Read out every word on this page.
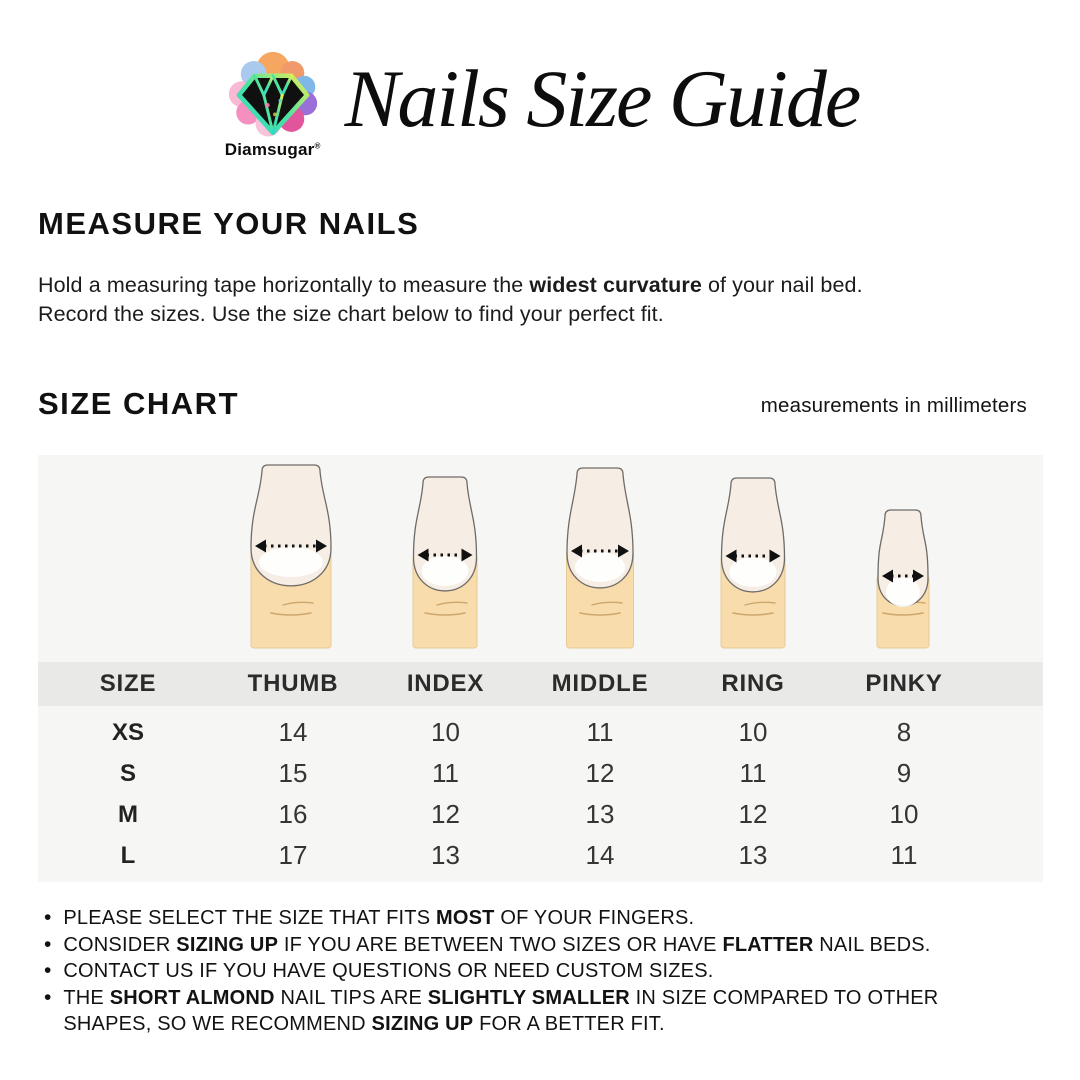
Diamsugar®
Nails Size Guide
MEASURE YOUR NAILS
Hold a measuring tape horizontally to measure the widest curvature of your nail bed.
Record the sizes. Use the size chart below to find your perfect fit.
SIZE CHART	measurements in millimeters
SIZE	THUMB	INDEX	MIDDLE	RING	PINKY
XS	14	10	11	10	8
S	15	11	12	11	9
M	16	12	13	12	10
L	17	13	14	13	11
• PLEASE SELECT THE SIZE THAT FITS MOST OF YOUR FINGERS.

• CONSIDER SIZING UP IF YOU ARE BETWEEN TWO SIZES OR HAVE FLATTER NAIL BEDS.

• CONTACT US IF YOU HAVE QUESTIONS OR NEED CUSTOM SIZES.

• THE SHORT ALMOND NAIL TIPS ARE SLIGHTLY SMALLER IN SIZE COMPARED TO OTHER SHAPES, SO WE RECOMMEND SIZING UP FOR A BETTER FIT.
